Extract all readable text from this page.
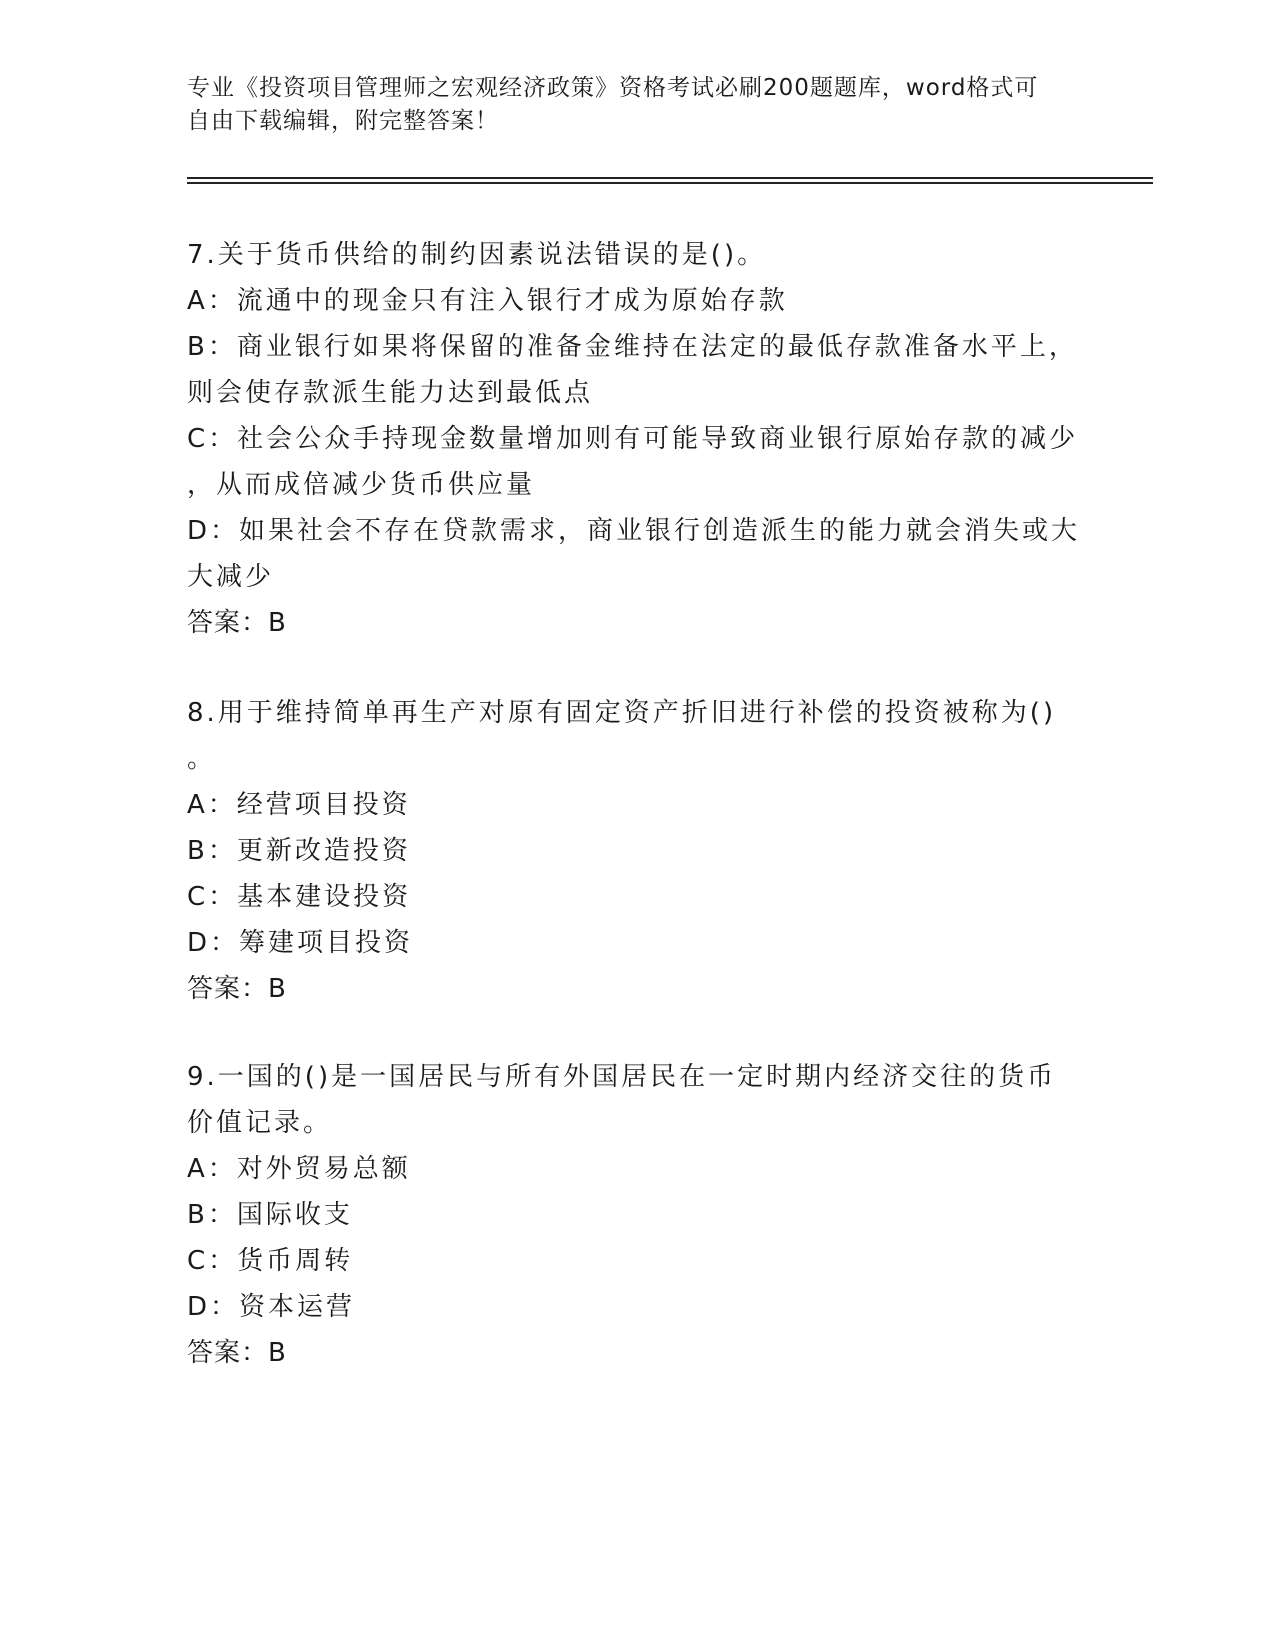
专业《投资项目管理师之宏观经济政策》资格考试必刷200题题库，word格式可
自由下载编辑，附完整答案！
7.关于货币供给的制约因素说法错误的是()。
A：流通中的现金只有注入银行才成为原始存款
B：商业银行如果将保留的准备金维持在法定的最低存款准备水平上，
则会使存款派生能力达到最低点
C：社会公众手持现金数量增加则有可能导致商业银行原始存款的减少
，从而成倍减少货币供应量
D：如果社会不存在贷款需求，商业银行创造派生的能力就会消失或大
大减少
答案：B
8.用于维持简单再生产对原有固定资产折旧进行补偿的投资被称为()
。
A：经营项目投资
B：更新改造投资
C：基本建设投资
D：筹建项目投资
答案：B
9.一国的()是一国居民与所有外国居民在一定时期内经济交往的货币
价值记录。
A：对外贸易总额
B：国际收支
C：货币周转
D：资本运营
答案：B
